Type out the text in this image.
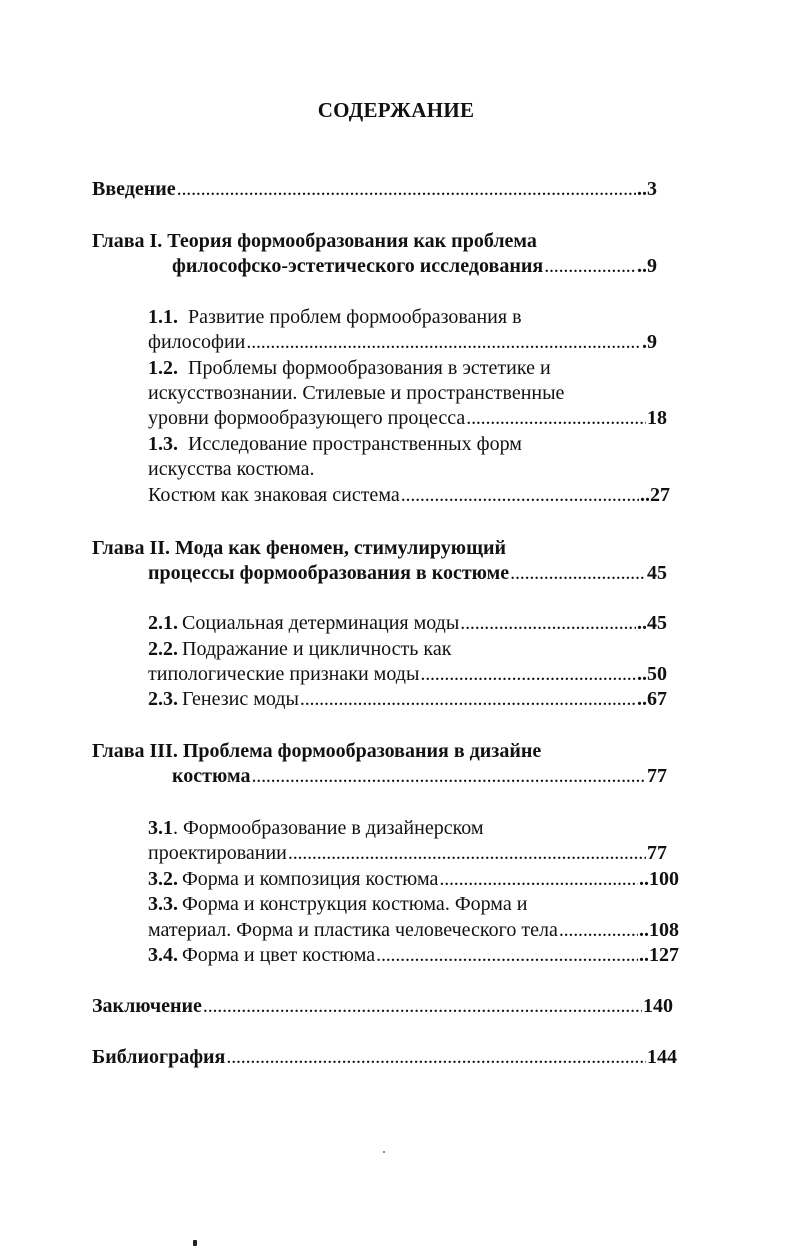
СОДЕРЖАНИЕ
Введение . . .	..3
Глава I. Теория формообразования как проблема
философско-эстетического исследования . . .	..9
1.1. Развитие проблем формообразования в
философии . . .	.9
1.2. Проблемы формообразования в эстетике и
искусствознании. Стилевые и пространственные
уровни формообразующего процесса . . .	18
1.3. Исследование пространственных форм
искусства костюма.
Костюм как знаковая система . . .	..27
Глава II. Мода как феномен, стимулирующий
процессы формообразования в костюме . . .	45
2.1. Социальная детерминация моды . . .	..45
2.2. Подражание и цикличность как
типологические признаки моды . . .	..50
2.3. Генезис моды . . .	..67
Глава III. Проблема формообразования в дизайне
костюма . . .	77
3.1 . Формообразование в дизайнерском
проектировании . . .	77
3.2. Форма и композиция костюма . . .	..100
3.3. Форма и конструкция костюма. Форма и
материал. Форма и пластика человеческого тела . . .	..108
3.4. Форма и цвет костюма . . .	..127
Заключение . . .	140
Библиография . . .	144
